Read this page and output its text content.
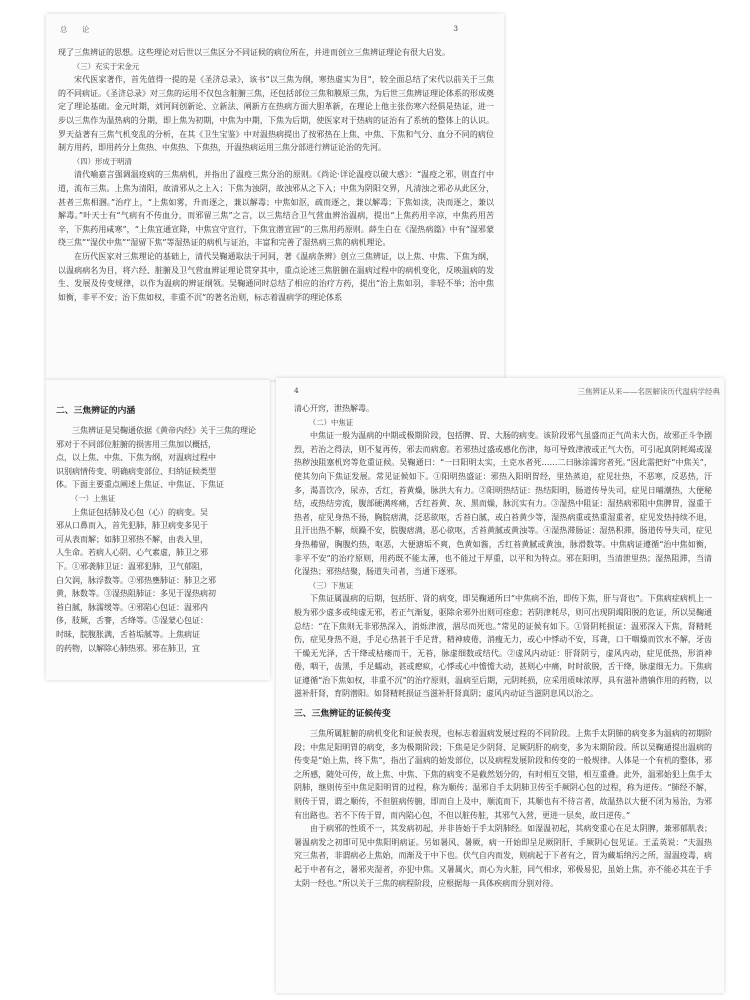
总 论	3

现了三焦辨证的思想。这些理论对后世以三焦区分不同证候的病位所在，并进而创立三焦辨证理论有很大启发。

（三）充实于宋金元

宋代医家著作，首先值得一提的是《圣济总录》，该书“以三焦为纲，寒热虚实为目”，较全面总结了宋代以前关于三焦的不同病证。《圣济总录》对三焦的运用不仅包含脏腑三焦，还包括部位三焦和膜原三焦，为后世三焦辨证理论体系的形成奠定了理论基础。金元时期，刘河间创新论、立新法、阐新方在热病方面大胆革新，在理论上他主张伤寒六经俱是热证，进一步以三焦作为温热病的分期，即上焦为初期，中焦为中期，下焦为后期，使医家对于热病的证治有了系统的整体上的认识。罗天益著有三焦气机变乱的分析，在其《卫生宝鉴》中对温热病提出了按邪热在上焦、中焦、下焦和气分、血分不同的病位制方用药，即用药分上焦热、中焦热、下焦热，开温热病运用三焦分部进行辨证论治的先河。

（四）形成于明清

清代喻嘉言强调温疫病的三焦病机，并指出了温疫三焦分治的原则。《尚论·详论温疫以破大惑》：“温疫之邪，则直行中道，流布三焦。上焦为清阳，故清邪从之上入；下焦为浊阴，故浊邪从之下入；中焦为阴阳交界，凡清浊之邪必从此区分，甚者三焦相溷。”治疗上，“上焦如雾，升而逐之，兼以解毒；中焦如沤，疏而逐之，兼以解毒；下焦如渎，决而逐之，兼以解毒。”叶天士有“气病有不传血分，而邪留三焦”之言，以三焦结合卫气营血辨治温病，提出“上焦药用辛凉，中焦药用苦辛，下焦药用咸寒”，“上焦宜通宣降，中焦宜守宣行，下焦宜潜宣固”的三焦用药原则。薛生白在《湿热病篇》中有“湿邪蒙绕三焦”“湿伏中焦”“湿留下焦”等湿热证的病机与证治，丰富和完善了湿热病三焦的病机理论。

在历代医家对三焦理论的基础上，清代吴鞠通取法于河间，著《温病条辨》创立三焦辨证，以上焦、中焦、下焦为纲，以温病病名为目，将六经、脏腑及卫气营血辨证理论贯穿其中，重点论述三焦脏腑在温病过程中的病机变化，反映温病的发生、发展及传变规律，以作为温病的辨证纲领。吴鞠通同时总结了相应的治疗方药，提出“治上焦如羽，非轻不举；治中焦如衡，非平不安；治下焦如权，非重不沉”的著名治则，标志着温病学的理论体系

二、三焦辨证的内涵

三焦辨证是吴鞠通依据《黄帝内经》关于三焦的理论

邪对于不同部位脏腑的损害用三焦加以概括，

点，以上焦、中焦、下焦为纲，对温病过程中

识别病情传变、明确病变部位、归纳证候类型

体。下面主要重点阐述上焦证、中焦证、下焦证

（一）上焦证

上焦证包括肺及心包（心）的病变。吴

邪从口鼻而入，首先犯肺，肺卫病变多见于

可从表而解；如肺卫邪热不解，由表入里，

人生命。若病人心阴、心气素虚，肺卫之邪

下。①邪袭肺卫证：温邪犯肺，卫气郁阻，

白欠润，脉浮数等。②邪热壅肺证：肺卫之邪

黄，脉数等。③湿热阻肺证：多见于湿热病初

苔白腻，脉濡缓等。④邪陷心包证：温邪内

侈，肢厥，舌謇，舌绛等。⑤湿蒙心包证：

时昧，脘腹胀满，舌苔垢腻等。上焦病证

的药物，以解除心肺热邪。邪在肺卫，宜

4	三焦辨证从来——名医解读历代温病学经典

清心开窍，泄热解毒。

（二）中焦证

中焦证一般为温病的中期或极期阶段，包括脾、胃、大肠的病变。该阶段邪气虽盛而正气尚未大伤，故邪正斗争剧烈，若治之得法，则不复再传，邪去而病愈。若邪热过盛或感化伤津，每可导致津液或正气大伤，可引起真阴耗竭或湿热秽浊阻塞机窍等危重证候。吴鞠通曰：“一曰阳明太实，土克水者死……二曰脉涂濡窍者死。”因此需把好“中焦关”，使其勿向下焦证发展。常见证候如下。①阳明热盛证：邪热入阳明胃经，里热蒸迫，症见壮热，不恶寒，反恶热，汗多，渴喜饮冷，尿赤，舌红，苔黄燥，脉洪大有力。②阳明热结证：热结阳明，肠道传导失司，症见日晡潮热，大便秘结，或热结旁流，腹部硬满疼痛，舌红苔黄、灰、黑而燥，脉沉实有力。③湿热中阻证：湿热病邪阻中焦脾胃，湿重于热者，症见身热不扬，胸脘痞满，泛恶欲呕，舌苔白腻，或白苔黄少等，湿热病重或热重湿重者，症见发热持续不退，且汗出热不解，烦躁不安，脘腹痞满，恶心欲呕，舌苔黄腻或黄浊等。④湿热滞肠证：湿热积滞，肠道传导失司，症见身热稽留，胸腹灼热，呕恶，大便溏垢不爽，色黄如酱，舌红苔黄腻或黄浊，脉滑数等。中焦病证遵循“治中焦如衡，非平不安”的治疗原则，用药既不能太薄，也不能过于厚重，以平和为特点。邪在阳明，当清泄里热；湿热阻滞，当清化湿热；邪热结聚，肠道失司者，当通下逐邪。

（三）下焦证

下焦证属温病的后期，包括肝、肾的病变，即吴鞠通所曰“中焦病不治，即传下焦，肝与肾也”。下焦病症病机上一般为邪少虚多或纯虚无邪，若正气渐复，驱除余邪外出则可痊愈；若阴津耗尽，则可出现阴竭阳脱的危证，所以吴鞠通总结：“在下焦则无非邪热深入，消烁津液，涸尽而死也。”常见的证候有如下。①肾阴耗损证：温邪深入下焦，肾精耗伤，症见身热不退，手足心热甚于手足背，精神疲倦，消瘦无力，或心中悸动不安，耳聋，口干咽燥而饮水不解，牙齿干燥无光泽，舌干绛或枯痿而干，无苔，脉虚细数或结代。②虚风内动证：肝肾阴亏，虚风内动，症见低热，形消神倦，咽干，齿黑，手足蠕动，甚或瘛疭，心悸或心中憺憺大动，甚则心中痛，时时欲脱，舌干绛，脉虚细无力。下焦病证遵循“治下焦如权，非重不沉”的治疗原则，温病至后期，元阴耗损，应采用质味浓厚，具有滋补潜镇作用的药物，以滋补肝肾，育阴潜阳。如肾精耗损证当滋补肝肾真阴；虚风内动证当滋阴息风以治之。

三、三焦辨证的证候传变

三焦所属脏腑的病机变化和证候表现，也标志着温病发展过程的不同阶段。上焦手太阴肺的病变多为温病的初期阶段；中焦足阳明胃的病变，多为极期阶段；下焦是足少阴肾、足厥阴肝的病变，多为末期阶段。所以吴鞠通提出温病的传变是“始上焦，终下焦”，指出了温病的始发部位，以及病程发展阶段和传变的一般规律。人体是一个有机的整体，邪之所感，随处可传，故上焦、中焦、下焦的病变不是截然划分的，有时相互交错，相互重叠。此外，温邪始犯上焦手太阴肺，继则传至中焦足阳明胃的过程，称为顺传；温邪自手太阴肺卫传至手厥阴心包的过程，称为逆传。“肺经不解，则传于胃，谓之顺传，不但脏病传腑，即而自上及中，顺流而下，其顺也有不待言者，故温热以大便不闭为易治，为邪有出路也。若不下传于胃，而内陷心包，不但以脏传脏，其邪气入营，更进一层矣，故曰逆传。”

由于病邪的性质不一，其发病初起，并非皆始于手太阴肺经。如湿温初起，其病变重心在足太阴脾，兼邪郁肌表；暑温病发之初即可见中焦阳明病证。另如暑风、暑厥，病一开始即呈足厥阴肝、手厥阴心包见证。王孟英说：“夫温热究三焦者，非谓病必上焦始，而渐及于中下也。伏气自内而发，则病起于下者有之，胃为藏垢纳污之所，湿温疫毒，病起于中者有之，暑邪夹湿者，亦犯中焦。又暑属火，而心为火脏，同气相求，邪极易犯，虽始上焦，亦不能必其在于手太阴一经也。”所以关于三焦的病程阶段，应根据每一具体疾病而分别对待。
